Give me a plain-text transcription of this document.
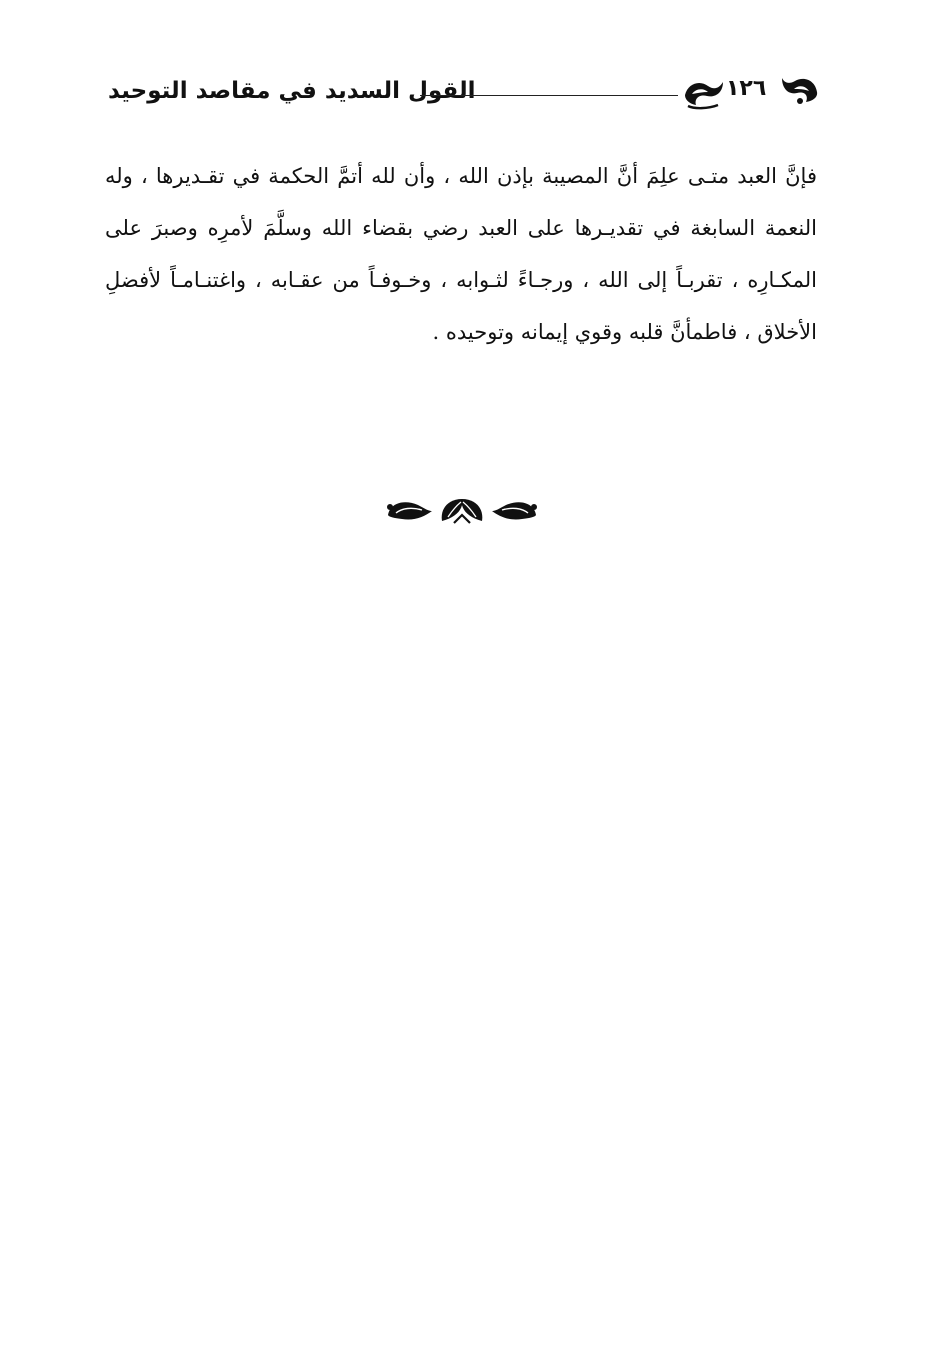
القول السديد في مقاصد التوحيد	١٢٦

فإنَّ العبد متـى علِمَ أنَّ المصيبة بإذن الله ، وأن لله أتمَّ الحكمة في تقـديرها ، وله النعمة السابغة في تقديـرها على العبد رضي بقضاء الله وسلَّمَ لأمرِه وصبرَ على المكـارِه ، تقربـاً إلى الله ، ورجـاءً لثـوابه ، وخـوفـاً من عقـابه ، واغتنـامـاً لأفضلِ الأخلاق ، فاطمأنَّ قلبه وقوي إيمانه وتوحيده .
